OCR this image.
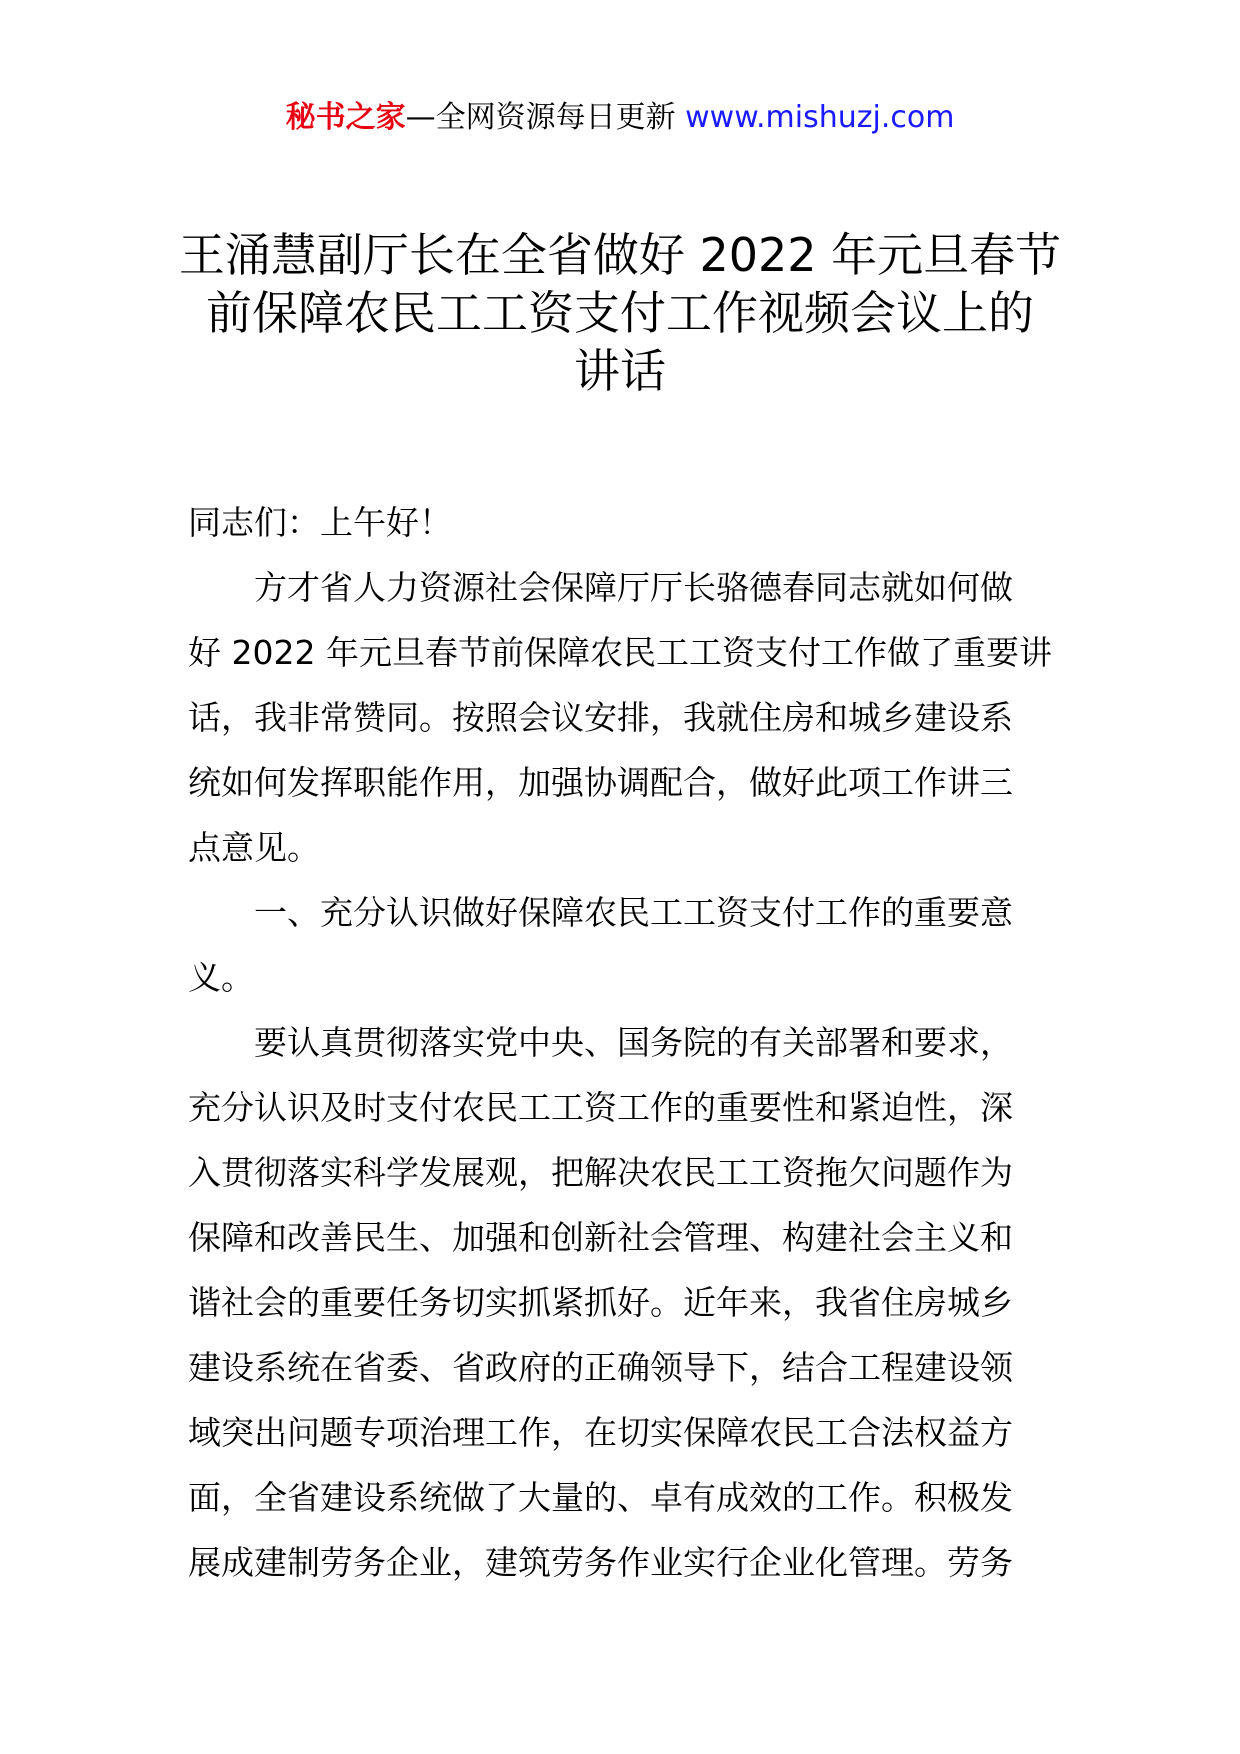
秘书之家—全网资源每日更新 www.mishuzj.com
王涌慧副厅长在全省做好 2022 年元旦春节
前保障农民工工资支付工作视频会议上的
讲话
同志们：上午好！
方才省人力资源社会保障厅厅长骆德春同志就如何做
好 2022 年元旦春节前保障农民工工资支付工作做了重要讲
话，我非常赞同。按照会议安排，我就住房和城乡建设系
统如何发挥职能作用，加强协调配合，做好此项工作讲三
点意见。
一、充分认识做好保障农民工工资支付工作的重要意
义。
要认真贯彻落实党中央、国务院的有关部署和要求，
充分认识及时支付农民工工资工作的重要性和紧迫性，深
入贯彻落实科学发展观，把解决农民工工资拖欠问题作为
保障和改善民生、加强和创新社会管理、构建社会主义和
谐社会的重要任务切实抓紧抓好。近年来，我省住房城乡
建设系统在省委、省政府的正确领导下，结合工程建设领
域突出问题专项治理工作，在切实保障农民工合法权益方
面，全省建设系统做了大量的、卓有成效的工作。积极发
展成建制劳务企业，建筑劳务作业实行企业化管理。劳务
